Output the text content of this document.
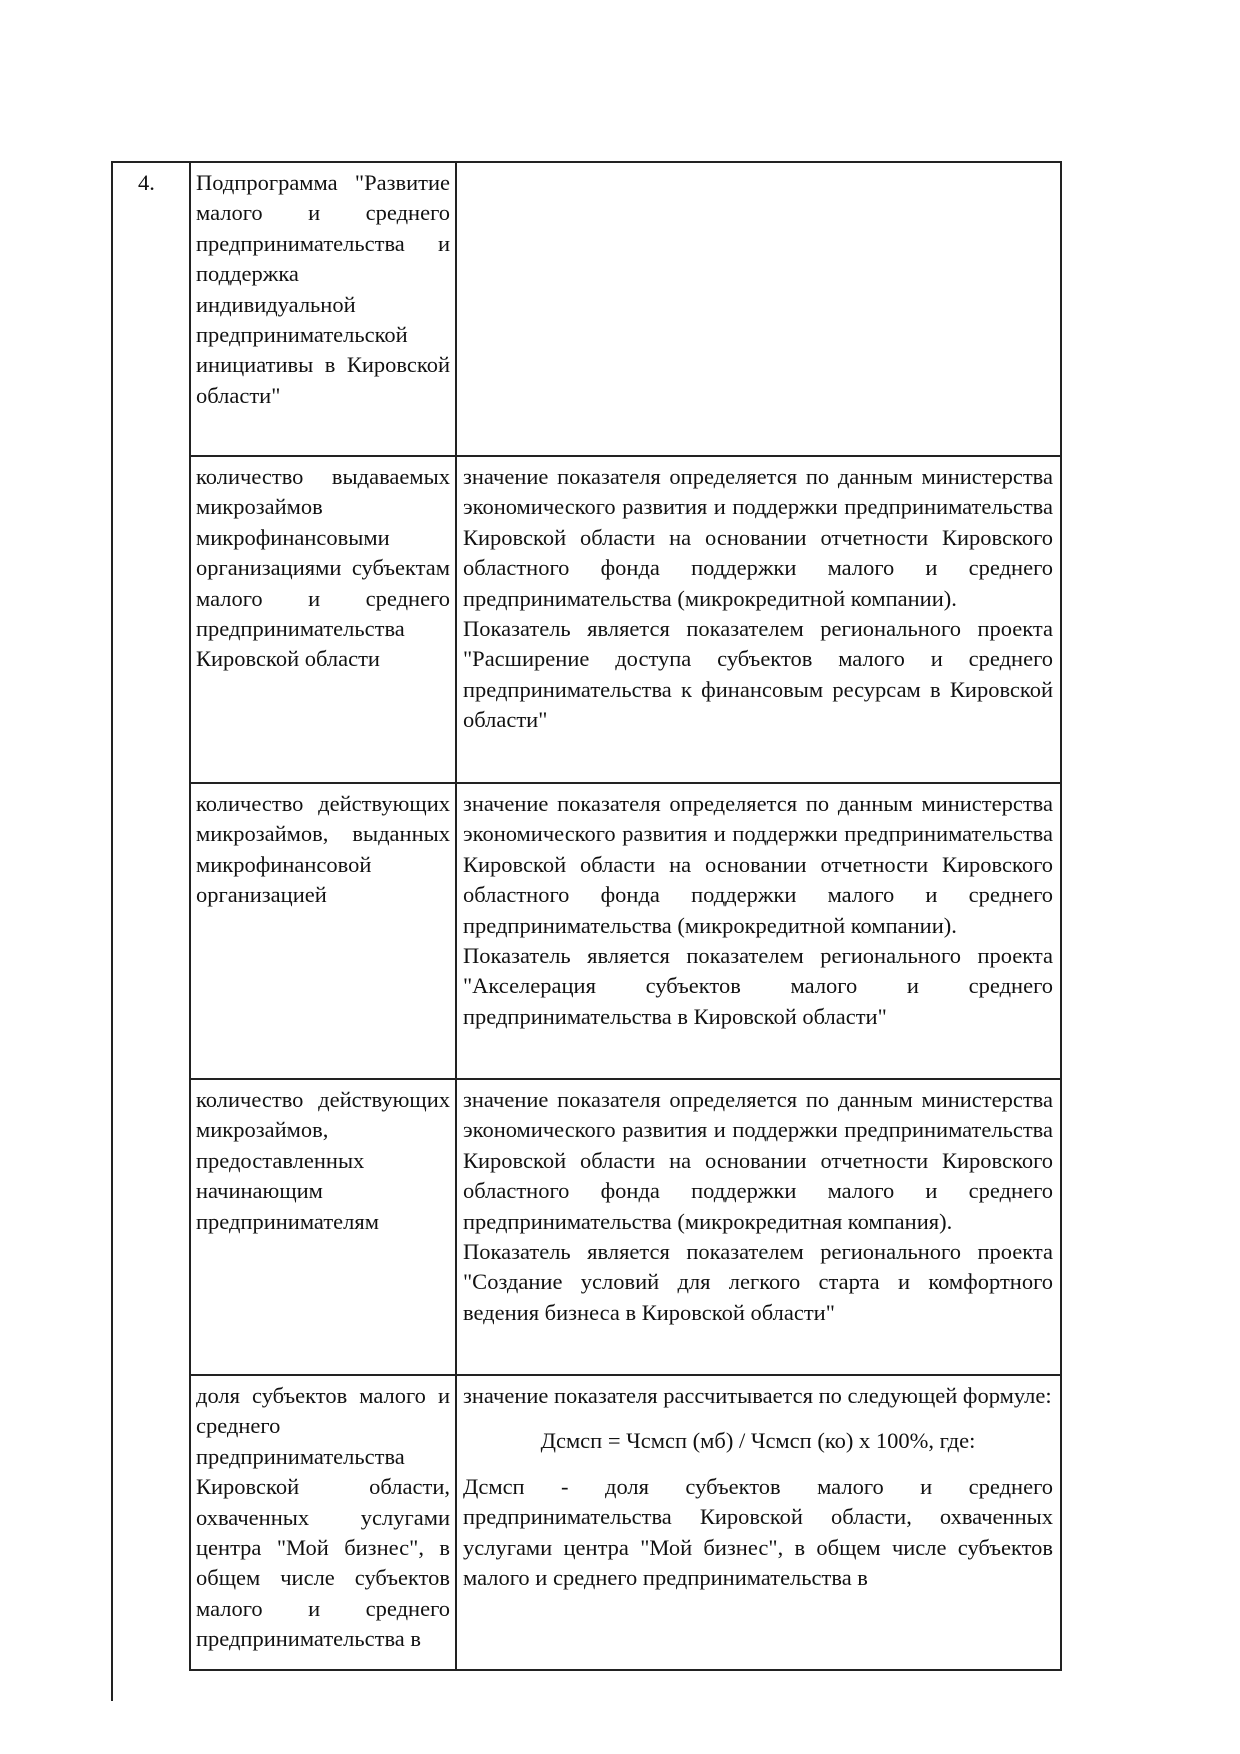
4. Подпрограмма "Развитие малого и среднего предпринимательства и поддержка индивидуальной предпринимательской инициативы в Кировской области"
количество выдаваемых микрозаймов микрофинансовыми организациями субъектам малого и среднего предпринимательства Кировской области

значение показателя определяется по данным министерства экономического развития и поддержки предпринимательства Кировской области на основании отчетности Кировского областного фонда поддержки малого и среднего предпринимательства (микрокредитной компании).

Показатель является показателем регионального проекта "Расширение доступа субъектов малого и среднего предпринимательства к финансовым ресурсам в Кировской области"

количество действующих микрозаймов, выданных микрофинансовой организацией

значение показателя определяется по данным министерства экономического развития и поддержки предпринимательства Кировской области на основании отчетности Кировского областного фонда поддержки малого и среднего предпринимательства (микрокредитной компании).

Показатель является показателем регионального проекта "Акселерация субъектов малого и среднего предпринимательства в Кировской области"

количество действующих микрозаймов, предоставленных начинающим предпринимателям

значение показателя определяется по данным министерства экономического развития и поддержки предпринимательства Кировской области на основании отчетности Кировского областного фонда поддержки малого и среднего предпринимательства (микрокредитная компания).

Показатель является показателем регионального проекта "Создание условий для легкого старта и комфортного ведения бизнеса в Кировской области"

доля субъектов малого и среднего предпринимательства Кировской области, охваченных услугами центра "Мой бизнес", в общем числе субъектов малого и среднего предпринимательства в

значение показателя рассчитывается по следующей формуле:

Дсмсп = Чсмсп (мб) / Чсмсп (ко) x 100%, где:

Дсмсп - доля субъектов малого и среднего предпринимательства Кировской области, охваченных услугами центра "Мой бизнес", в общем числе субъектов малого и среднего предпринимательства в
